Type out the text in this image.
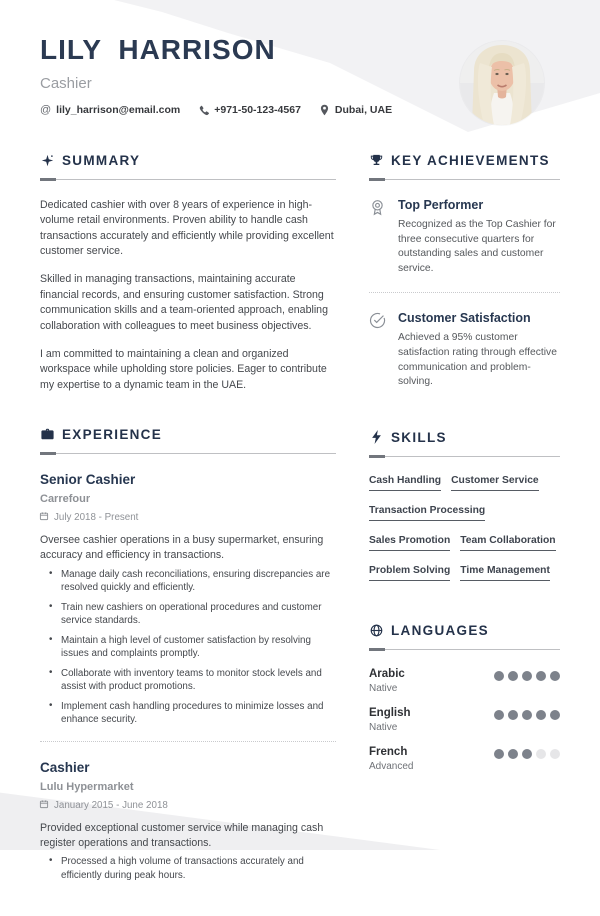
LILY HARRISON
Cashier
@ lily_harrison@email.com	+971-50-123-4567	Dubai, UAE
SUMMARY

Dedicated cashier with over 8 years of experience in high-volume retail environments. Proven ability to handle cash transactions accurately and efficiently while providing excellent customer service.

Skilled in managing transactions, maintaining accurate financial records, and ensuring customer satisfaction. Strong communication skills and a team-oriented approach, enabling collaboration with colleagues to meet business objectives.

I am committed to maintaining a clean and organized workspace while upholding store policies. Eager to contribute my expertise to a dynamic team in the UAE.

EXPERIENCE
Senior Cashier
Carrefour
July 2018 - Present

Oversee cashier operations in a busy supermarket, ensuring accuracy and efficiency in transactions.

• Manage daily cash reconciliations, ensuring discrepancies are resolved quickly and efficiently.
• Train new cashiers on operational procedures and customer service standards.
• Maintain a high level of customer satisfaction by resolving issues and complaints promptly.
• Collaborate with inventory teams to monitor stock levels and assist with product promotions.
• Implement cash handling procedures to minimize losses and enhance security.
Cashier
Lulu Hypermarket
January 2015 - June 2018

Provided exceptional customer service while managing cash register operations and transactions.

• Processed a high volume of transactions accurately and efficiently during peak hours.
KEY ACHIEVEMENTS
Top Performer
Recognized as the Top Cashier for three consecutive quarters for outstanding sales and customer service.
Customer Satisfaction
Achieved a 95% customer satisfaction rating through effective communication and problem-solving.
SKILLS
Cash Handling Customer Service
Transaction Processing
Sales Promotion Team Collaboration
Problem Solving Time Management
LANGUAGES
Arabic
Native
English
Native
French
Advanced
